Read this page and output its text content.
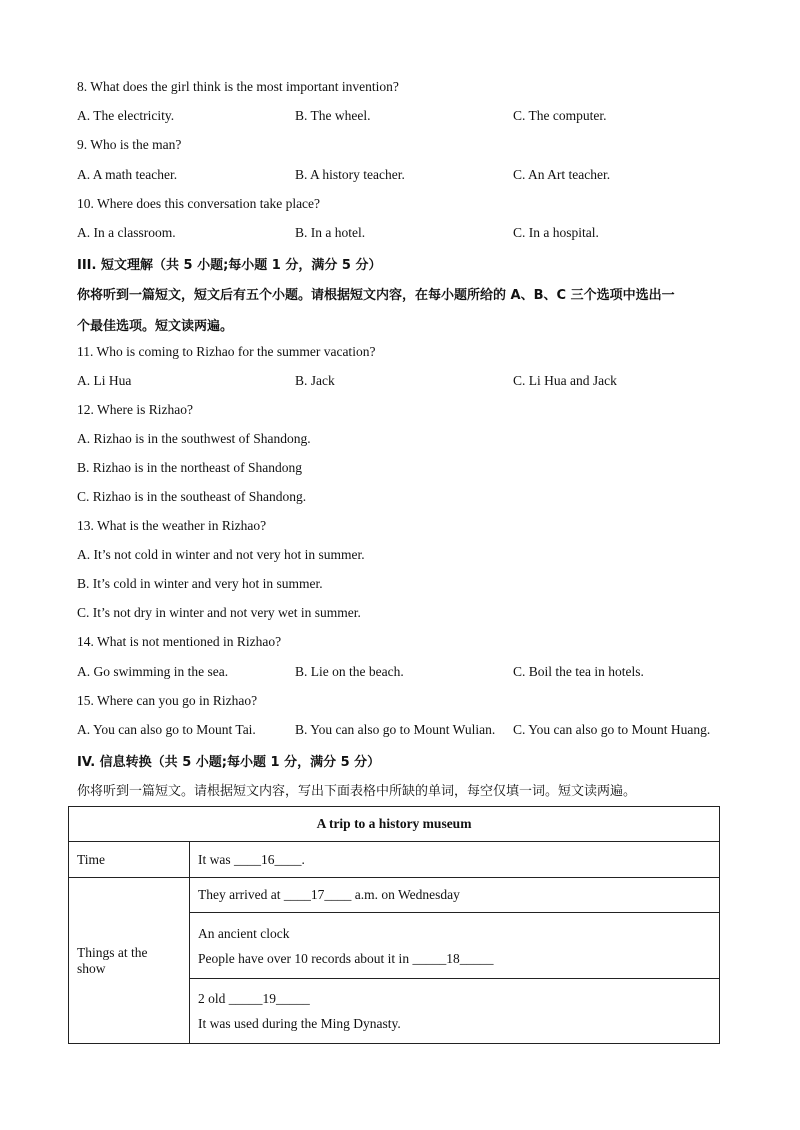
8. What does the girl think is the most important invention?
A. The electricity.	B. The wheel.	C. The computer.
9. Who is the man?
A. A math teacher.	B. A history teacher.	C. An Art teacher.
10. Where does this conversation take place?
A. In a classroom.	B. In a hotel.	C. In a hospital.
III. 短文理解（共 5 小题;每小题 1 分，满分 5 分）
你将听到一篇短文，短文后有五个小题。请根据短文内容，在每小题所给的 A、B、C 三个选项中选出一
个最佳选项。短文读两遍。
11. Who is coming to Rizhao for the summer vacation?
A. Li Hua	B. Jack	C. Li Hua and Jack
12. Where is Rizhao?
A. Rizhao is in the southwest of Shandong.
B. Rizhao is in the northeast of Shandong
C. Rizhao is in the southeast of Shandong.
13. What is the weather in Rizhao?
A. It’s not cold in winter and not very hot in summer.
B. It’s cold in winter and very hot in summer.
C. It’s not dry in winter and not very wet in summer.
14. What is not mentioned in Rizhao?
A. Go swimming in the sea.	B. Lie on the beach.	C. Boil the tea in hotels.
15. Where can you go in Rizhao?
A. You can also go to Mount Tai.	B. You can also go to Mount Wulian. C. You can also go to Mount Huang.
IV. 信息转换（共 5 小题;每小题 1 分，满分 5 分）
你将听到一篇短文。请根据短文内容，写出下面表格中所缺的单词，每空仅填一词。短文读两遍。
A trip to a history museum	
Time	It was ____16____.

Things at the show	They arrived at ____17____ a.m. on Wednesday

	An ancient clock
People have over 10 records about it in _____18_____

	2 old _____19_____
It was used during the Ming Dynasty.
